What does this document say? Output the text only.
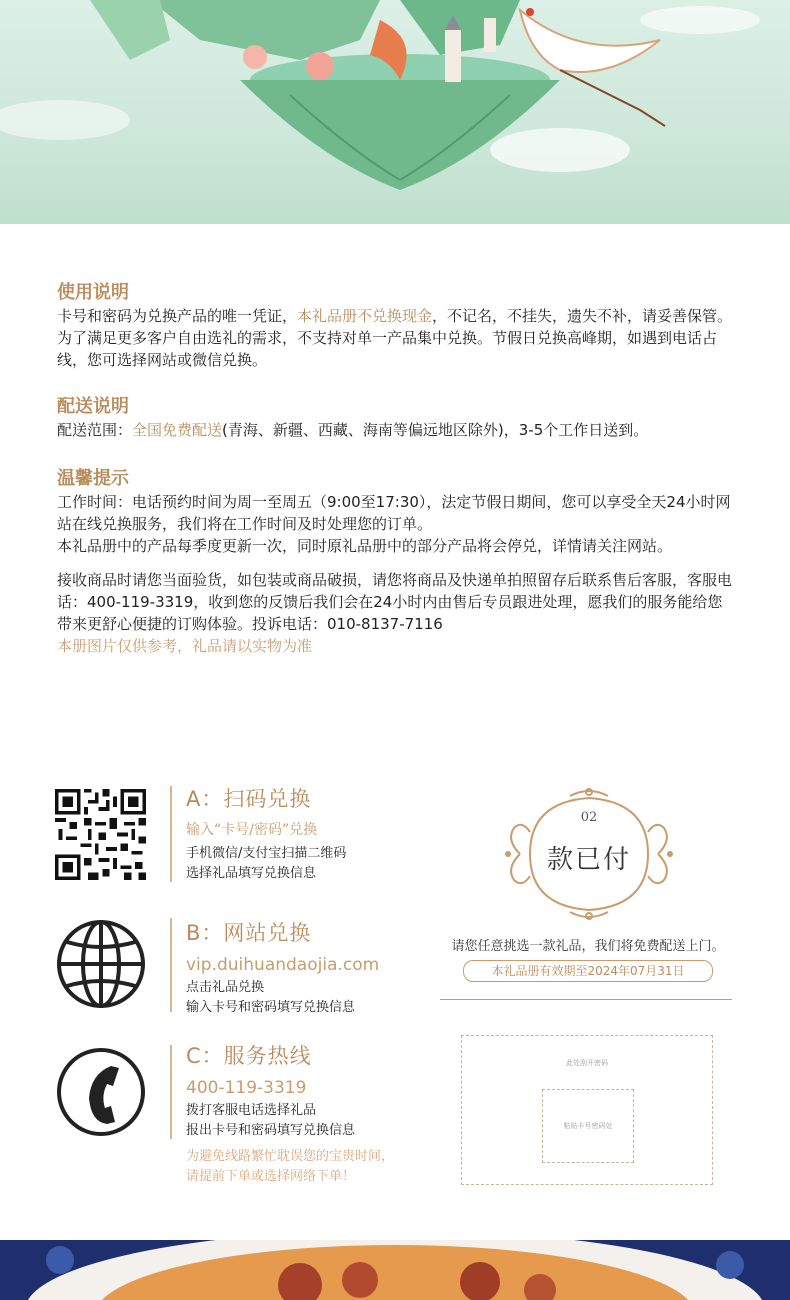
使用说明

卡号和密码为兑换产品的唯一凭证，本礼品册不兑换现金，不记名，不挂失，遗失不补，请妥善保管。为了满足更多客户自由选礼的需求，不支持对单一产品集中兑换。节假日兑换高峰期，如遇到电话占线，您可选择网站或微信兑换。

配送说明

配送范围：全国免费配送(青海、新疆、西藏、海南等偏远地区除外)，3-5个工作日送到。

温馨提示

工作时间：电话预约时间为周一至周五（9:00至17:30），法定节假日期间，您可以享受全天24小时网站在线兑换服务，我们将在工作时间及时处理您的订单。

本礼品册中的产品每季度更新一次，同时原礼品册中的部分产品将会停兑，详情请关注网站。

接收商品时请您当面验货，如包装或商品破损，请您将商品及快递单拍照留存后联系售后客服，客服电话：400-119-3319，收到您的反馈后我们会在24小时内由售后专员跟进处理，愿我们的服务能给您带来更舒心便捷的订购体验。投诉电话：010-8137-7116

本册图片仅供参考，礼品请以实物为准

A：扫码兑换

输入“卡号/密码”兑换

手机微信/支付宝扫描二维码

选择礼品填写兑换信息

B：网站兑换

vip.duihuandaojia.com

点击礼品兑换

输入卡号和密码填写兑换信息

C：服务热线

400-119-3319

拨打客服电话选择礼品

报出卡号和密码填写兑换信息

为避免线路繁忙耽误您的宝贵时间，

请提前下单或选择网络下单！

02
款已付
请您任意挑选一款礼品，我们将免费配送上门。
本礼品册有效期至2024年07月31日
此处刮开密码
粘贴卡号密码处
